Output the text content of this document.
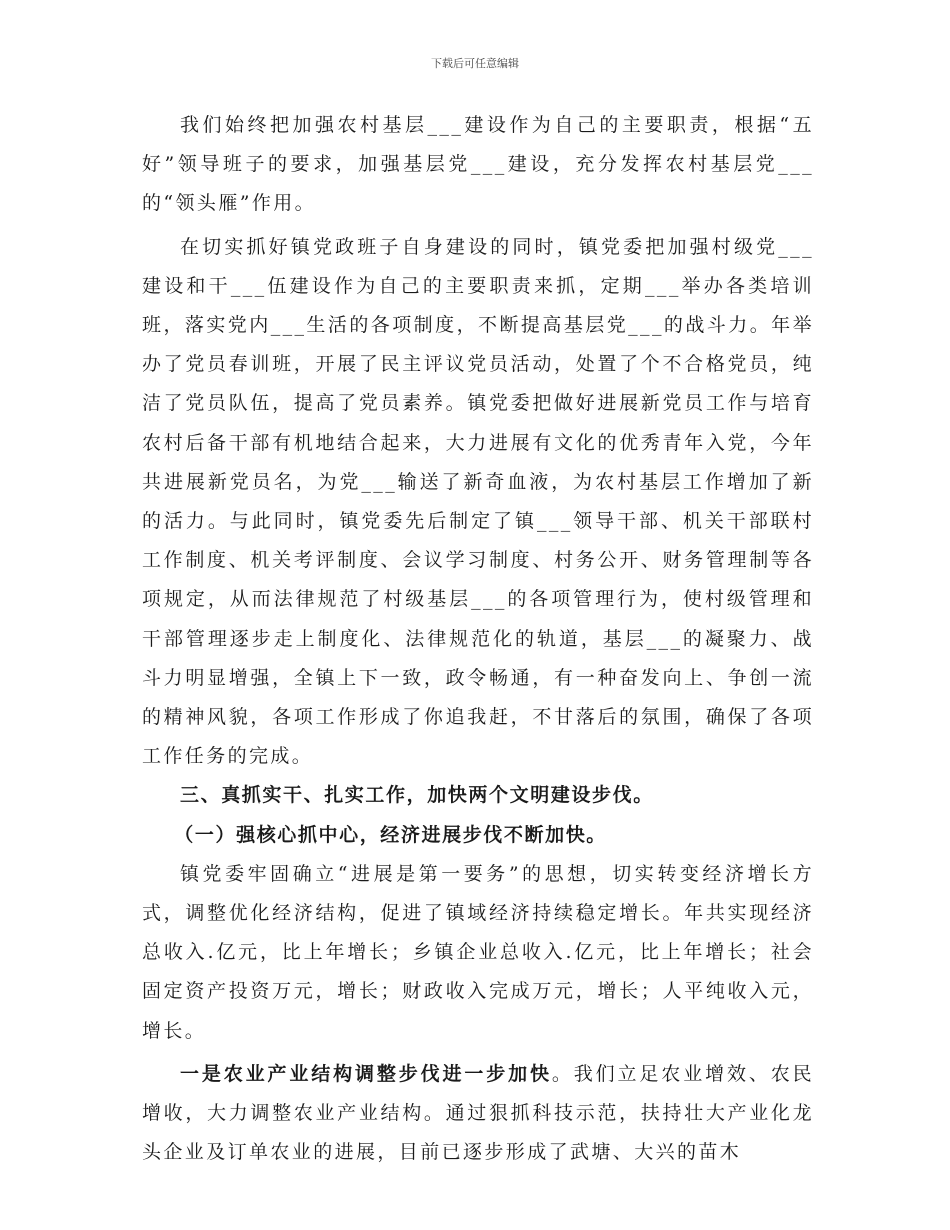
下载后可任意编辑

我们始终把加强农村基层___建设作为自己的主要职责，根据“五好”领导班子的要求，加强基层党___建设，充分发挥农村基层党___的“领头雁”作用。

在切实抓好镇党政班子自身建设的同时，镇党委把加强村级党___建设和干___伍建设作为自己的主要职责来抓，定期___举办各类培训班，落实党内___生活的各项制度，不断提高基层党___的战斗力。年举办了党员春训班，开展了民主评议党员活动，处置了个不合格党员，纯洁了党员队伍，提高了党员素养。镇党委把做好进展新党员工作与培育农村后备干部有机地结合起来，大力进展有文化的优秀青年入党，今年共进展新党员名，为党___输送了新奇血液，为农村基层工作增加了新的活力。与此同时，镇党委先后制定了镇___领导干部、机关干部联村工作制度、机关考评制度、会议学习制度、村务公开、财务管理制等各项规定，从而法律规范了村级基层___的各项管理行为，使村级管理和干部管理逐步走上制度化、法律规范化的轨道，基层___的凝聚力、战斗力明显增强，全镇上下一致，政令畅通，有一种奋发向上、争创一流的精神风貌，各项工作形成了你追我赶，不甘落后的氛围，确保了各项工作任务的完成。

三、真抓实干、扎实工作，加快两个文明建设步伐。

（一）强核心抓中心，经济进展步伐不断加快。

镇党委牢固确立“进展是第一要务”的思想，切实转变经济增长方式，调整优化经济结构，促进了镇域经济持续稳定增长。年共实现经济总收入.亿元，比上年增长；乡镇企业总收入.亿元，比上年增长；社会固定资产投资万元，增长；财政收入完成万元，增长；人平纯收入元，增长。

一是农业产业结构调整步伐进一步加快。我们立足农业增效、农民增收，大力调整农业产业结构。通过狠抓科技示范，扶持壮大产业化龙头企业及订单农业的进展，目前已逐步形成了武塘、大兴的苗木
